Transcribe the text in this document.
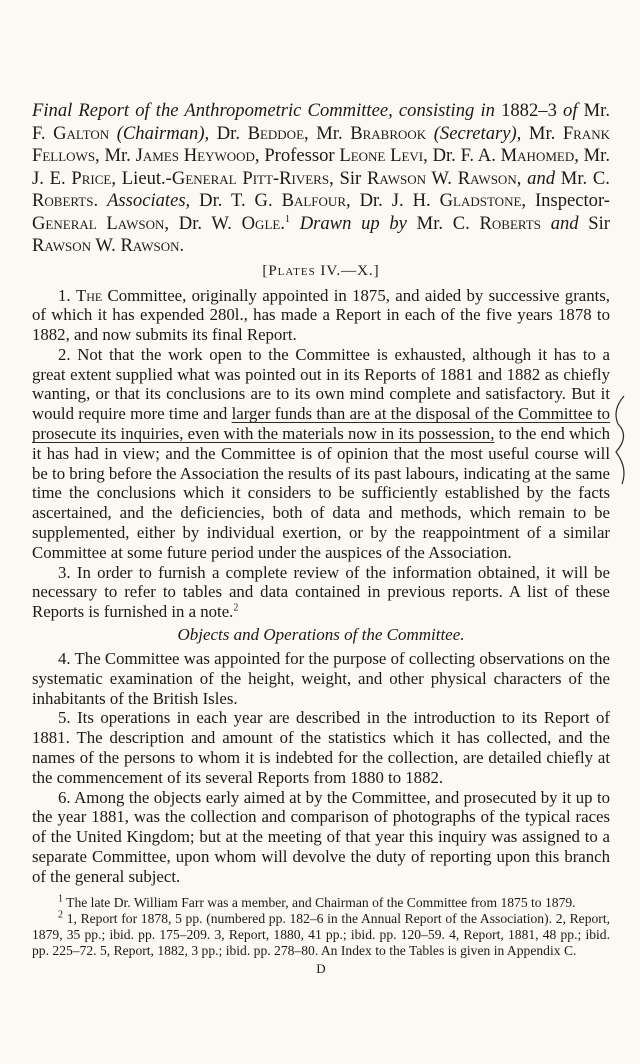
Final Report of the Anthropometric Committee, consisting in 1882–3 of Mr. F. Galton (Chairman), Dr. Beddoe, Mr. Brabrook (Secretary), Mr. Frank Fellows, Mr. James Heywood, Professor Leone Levi, Dr. F. A. Mahomed, Mr. J. E. Price, Lieut.-General Pitt-Rivers, Sir Rawson W. Rawson, and Mr. C. Roberts. Associates, Dr. T. G. Balfour, Dr. J. H. Gladstone, Inspector-General Lawson, Dr. W. Ogle.$^1$ Drawn up by Mr. C. Roberts and Sir Rawson W. Rawson.

[Plates IV.—X.]

1. The Committee, originally appointed in 1875, and aided by successive grants, of which it has expended 280l., has made a Report in each of the five years 1878 to 1882, and now submits its final Report.

2. Not that the work open to the Committee is exhausted, although it has to a great extent supplied what was pointed out in its Reports of 1881 and 1882 as chiefly wanting, or that its conclusions are to its own mind complete and satisfactory. But it would require more time and larger funds than are at the disposal of the Committee to prosecute its inquiries, even with the materials now in its possession, to the end which it has had in view; and the Committee is of opinion that the most useful course will be to bring before the Association the results of its past labours, indicating at the same time the conclusions which it considers to be sufficiently established by the facts ascertained, and the deficiencies, both of data and methods, which remain to be supplemented, either by individual exertion, or by the reappointment of a similar Committee at some future period under the auspices of the Association.

3. In order to furnish a complete review of the information obtained, it will be necessary to refer to tables and data contained in previous reports. A list of these Reports is furnished in a note.$^2$

Objects and Operations of the Committee.

4. The Committee was appointed for the purpose of collecting observations on the systematic examination of the height, weight, and other physical characters of the inhabitants of the British Isles.

5. Its operations in each year are described in the introduction to its Report of 1881. The description and amount of the statistics which it has collected, and the names of the persons to whom it is indebted for the collection, are detailed chiefly at the commencement of its several Reports from 1880 to 1882.

6. Among the objects early aimed at by the Committee, and prosecuted by it up to the year 1881, was the collection and comparison of photographs of the typical races of the United Kingdom; but at the meeting of that year this inquiry was assigned to a separate Committee, upon whom will devolve the duty of reporting upon this branch of the general subject.

$^1$ The late Dr. William Farr was a member, and Chairman of the Committee from 1875 to 1879.

$^2$ 1, Report for 1878, 5 pp. (numbered pp. 182–6 in the Annual Report of the Association). 2, Report, 1879, 35 pp.; ibid. pp. 175–209. 3, Report, 1880, 41 pp.; ibid. pp. 120–59. 4, Report, 1881, 48 pp.; ibid. pp. 225–72. 5, Report, 1882, 3 pp.; ibid. pp. 278–80. An Index to the Tables is given in Appendix C.

D
